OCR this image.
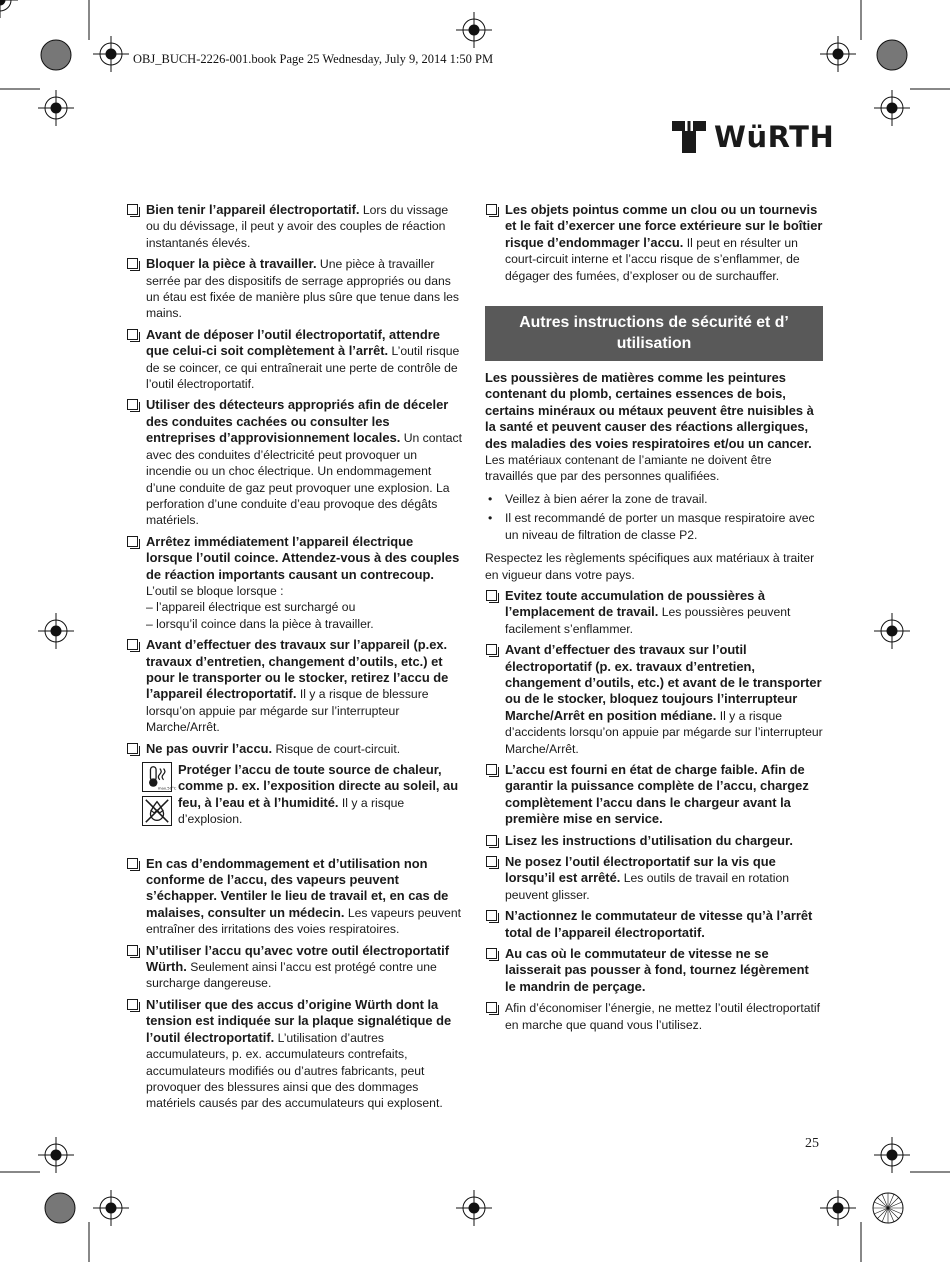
OBJ_BUCH-2226-001.book Page 25 Wednesday, July 9, 2014 1:50 PM
WüRTH
Bien tenir l’appareil électroportatif. Lors du vissage ou du dévissage, il peut y avoir des couples de réaction instantanés élevés.
Bloquer la pièce à travailler. Une pièce à travailler serrée par des dispositifs de serrage appropriés ou dans un étau est fixée de manière plus sûre que tenue dans les mains.
Avant de déposer l’outil électroportatif, attendre que celui-ci soit complètement à l’arrêt. L’outil risque de se coincer, ce qui entraînerait une perte de contrôle de l’outil électroportatif.
Utiliser des détecteurs appropriés afin de déceler des conduites cachées ou consulter les entreprises d’approvisionnement locales. Un contact avec des conduites d’électricité peut provoquer un incendie ou un choc électrique. Un endommagement d’une conduite de gaz peut provoquer une explosion. La perforation d’une conduite d’eau provoque des dégâts matériels.
Arrêtez immédiatement l’appareil électrique lorsque l’outil coince. Attendez-vous à des couples de réaction importants causant un contrecoup. L’outil se bloque lorsque :
– l’appareil électrique est surchargé ou
– lorsqu’il coince dans la pièce à travailler.
Avant d’effectuer des travaux sur l’appareil (p.ex. travaux d’entretien, changement d’outils, etc.) et pour le transporter ou le stocker, retirez l’accu de l’appareil électroportatif. Il y a risque de blessure lorsqu’on appuie par mégarde sur l’interrupteur Marche/Arrêt.
Ne pas ouvrir l’accu. Risque de court-circuit.
max.50°C
Protéger l’accu de toute source de chaleur, comme p. ex. l’exposition directe au soleil, au feu, à l’eau et à l’humidité. Il y a risque d’explosion.
En cas d’endommagement et d’utilisation non conforme de l’accu, des vapeurs peuvent s’échapper. Ventiler le lieu de travail et, en cas de malaises, consulter un médecin. Les vapeurs peuvent entraîner des irritations des voies respiratoires.
N’utiliser l’accu qu’avec votre outil électroportatif Würth. Seulement ainsi l’accu est protégé contre une surcharge dangereuse.
N’utiliser que des accus d’origine Würth dont la tension est indiquée sur la plaque signalétique de l’outil électroportatif. L’utilisation d’autres accumulateurs, p. ex. accumulateurs contrefaits, accumulateurs modifiés ou d’autres fabricants, peut provoquer des blessures ainsi que des dommages matériels causés par des accumulateurs qui explosent.
Les objets pointus comme un clou ou un tournevis et le fait d’exercer une force extérieure sur le boîtier risque d’endommager l’accu. Il peut en résulter un court-circuit interne et l’accu risque de s’enflammer, de dégager des fumées, d’exploser ou de surchauffer.
Autres instructions de sécurité et d’ utilisation
Les poussières de matières comme les peintures contenant du plomb, certaines essences de bois, certains minéraux ou métaux peuvent être nuisibles à la santé et peuvent causer des réactions allergiques, des maladies des voies respiratoires et/ou un cancer. Les matériaux contenant de l’amiante ne doivent être travaillés que par des personnes qualifiées.
• Veillez à bien aérer la zone de travail.
• Il est recommandé de porter un masque respiratoire avec un niveau de filtration de classe P2.
Respectez les règlements spécifiques aux matériaux à traiter en vigueur dans votre pays.
Evitez toute accumulation de poussières à l’emplacement de travail. Les poussières peuvent facilement s’enflammer.
Avant d’effectuer des travaux sur l’outil électroportatif (p. ex. travaux d’entretien, changement d’outils, etc.) et avant de le transporter ou de le stocker, bloquez toujours l’interrupteur Marche/Arrêt en position médiane. Il y a risque d’accidents lorsqu’on appuie par mégarde sur l’interrupteur Marche/Arrêt.
L’accu est fourni en état de charge faible. Afin de garantir la puissance complète de l’accu, chargez complètement l’accu dans le chargeur avant la première mise en service.
Lisez les instructions d’utilisation du chargeur.
Ne posez l’outil électroportatif sur la vis que lorsqu’il est arrêté. Les outils de travail en rotation peuvent glisser.
N’actionnez le commutateur de vitesse qu’à l’arrêt total de l’appareil électroportatif.
Au cas où le commutateur de vitesse ne se laisserait pas pousser à fond, tournez légèrement le mandrin de perçage.
Afin d’économiser l’énergie, ne mettez l’outil électroportatif en marche que quand vous l’utilisez.
25
